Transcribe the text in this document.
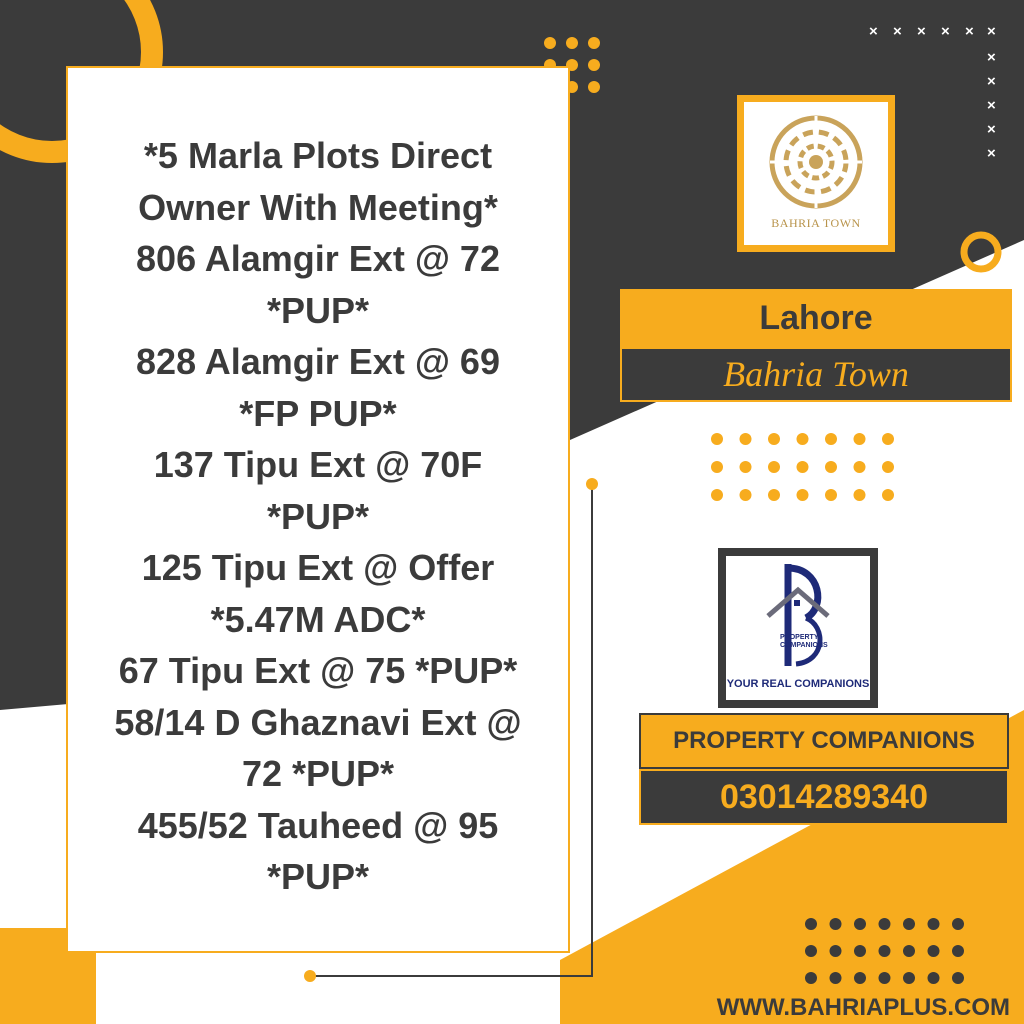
*5 Marla Plots Direct
Owner With Meeting*
806 Alamgir Ext @ 72
*PUP*
828 Alamgir Ext @ 69
*FP PUP*
137 Tipu Ext @ 70F
*PUP*
125 Tipu Ext @ Offer
*5.47M ADC*
67 Tipu Ext @ 75 *PUP*
58/14 D Ghaznavi Ext @
72 *PUP*
455/52 Tauheed @ 95
*PUP*
× × × × × ×
×
×
×
×
×
BAHRIA TOWN
Lahore
Bahria Town
PROPERTY
COMPANIONS
YOUR REAL COMPANIONS
PROPERTY COMPANIONS
03014289340
WWW.BAHRIAPLUS.COM
